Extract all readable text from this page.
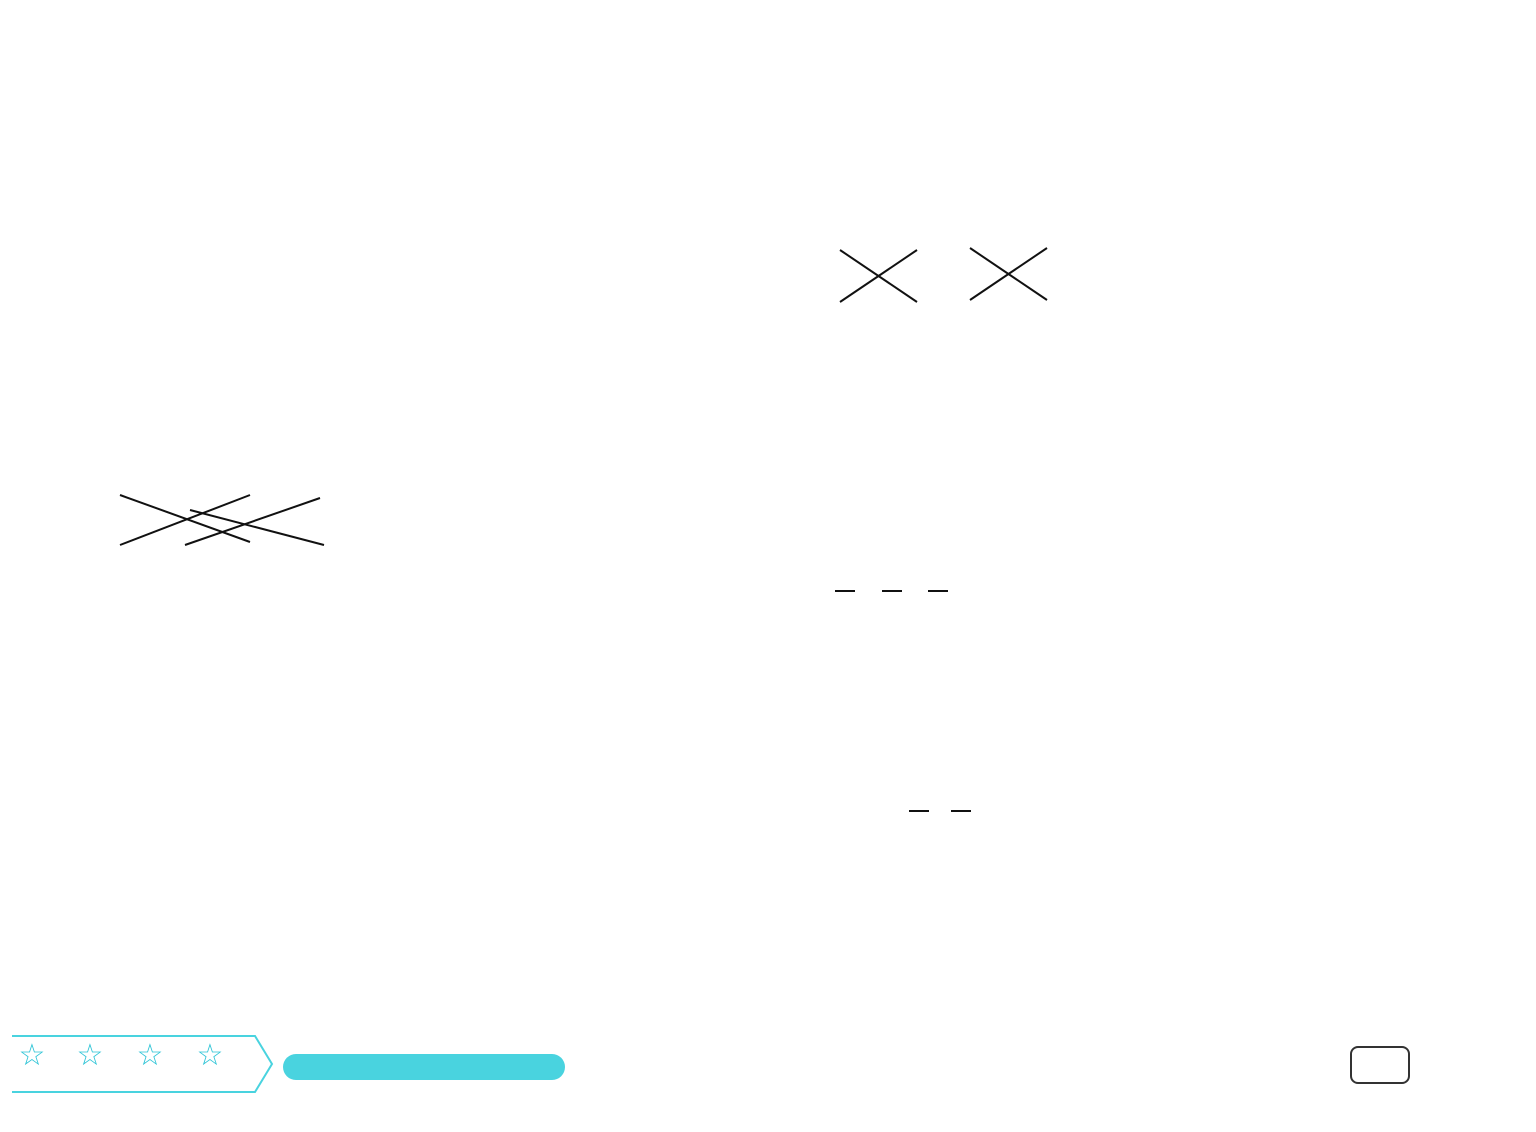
☆	☆	☆	☆
